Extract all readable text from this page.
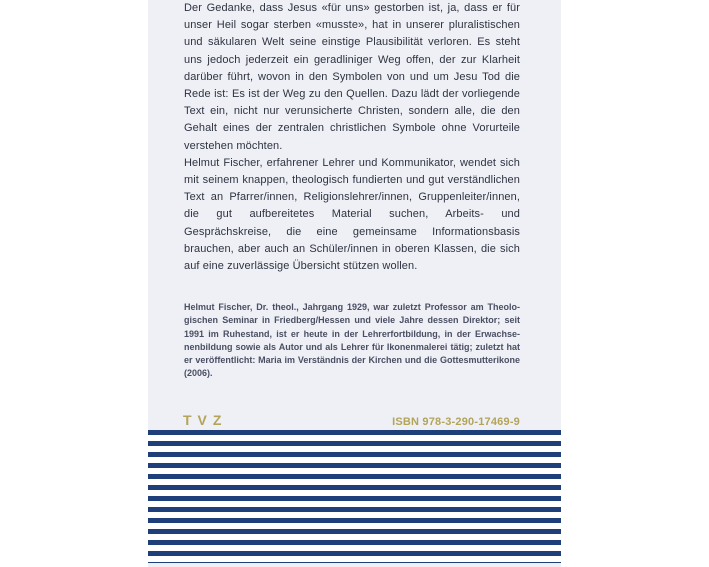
Der Gedanke, dass Jesus «für uns» gestorben ist, ja, dass er für unser Heil sogar sterben «musste», hat in unserer pluralistischen und säkularen Welt seine einstige Plausibilität verloren. Es steht uns jedoch jederzeit ein geradliniger Weg offen, der zur Klarheit darüber führt, wovon in den Symbolen von und um Jesu Tod die Rede ist: Es ist der Weg zu den Quellen. Dazu lädt der vorliegende Text ein, nicht nur verunsicherte Christen, sondern alle, die den Gehalt eines der zentralen christlichen Symbole ohne Vorurteile verstehen möchten.

Helmut Fischer, erfahrener Lehrer und Kommunikator, wendet sich mit seinem knappen, theologisch fundierten und gut verständlichen Text an Pfarrer/innen, Religionslehrer/innen, Gruppenleiter/innen, die gut aufbereitetes Material suchen, Arbeits- und Gesprächskreise, die eine gemeinsame Informationsbasis brauchen, aber auch an Schüler/innen in oberen Klassen, die sich auf eine zuverlässige Übersicht stützen wollen.

Helmut Fischer, Dr. theol., Jahrgang 1929, war zuletzt Professor am Theologischen Seminar in Friedberg/Hessen und viele Jahre dessen Direktor; seit 1991 im Ruhestand, ist er heute in der Lehrerfortbildung, in der Erwachsenenbildung sowie als Autor und als Lehrer für Ikonenmalerei tätig; zuletzt hat er veröffentlicht: Maria im Verständnis der Kirchen und die Gottesmutterikone (2006).
TVZ	ISBN 978-3-290-17469-9
